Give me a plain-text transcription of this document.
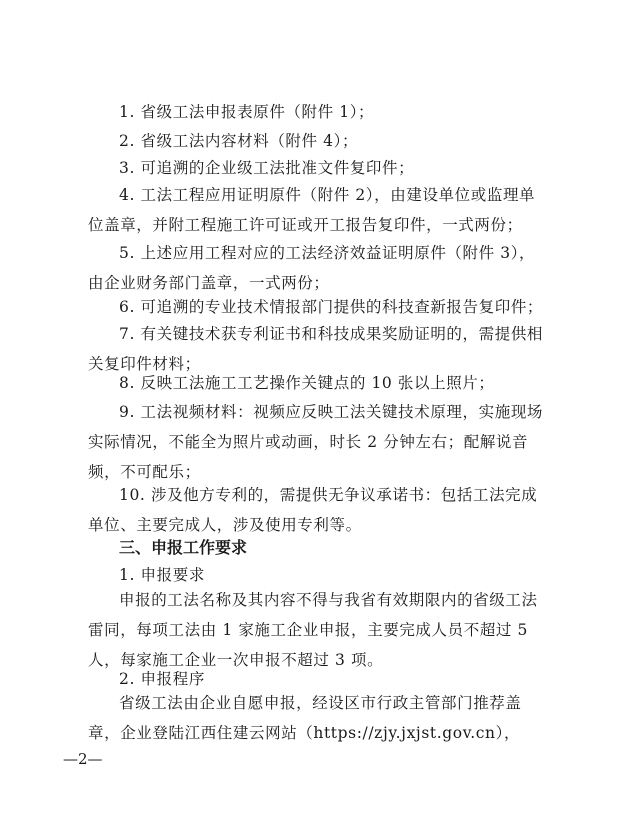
1. 省级工法申报表原件（附件 1）；

2. 省级工法内容材料（附件 4）；

3. 可追溯的企业级工法批准文件复印件；

4. 工法工程应用证明原件（附件 2），由建设单位或监理单位盖章，并附工程施工许可证或开工报告复印件，一式两份；

5. 上述应用工程对应的工法经济效益证明原件（附件 3），由企业财务部门盖章，一式两份；

6. 可追溯的专业技术情报部门提供的科技查新报告复印件；

7. 有关键技术获专利证书和科技成果奖励证明的，需提供相关复印件材料；

8. 反映工法施工工艺操作关键点的 10 张以上照片；

9. 工法视频材料：视频应反映工法关键技术原理，实施现场实际情况，不能全为照片或动画，时长 2 分钟左右；配解说音频，不可配乐；

10. 涉及他方专利的，需提供无争议承诺书：包括工法完成单位、主要完成人，涉及使用专利等。

三、申报工作要求
1. 申报要求

申报的工法名称及其内容不得与我省有效期限内的省级工法雷同，每项工法由 1 家施工企业申报，主要完成人员不超过 5 人，每家施工企业一次申报不超过 3 项。

2. 申报程序

省级工法由企业自愿申报，经设区市行政主管部门推荐盖章，企业登陆江西住建云网站（https://zjy.jxjst.gov.cn），

—2—
